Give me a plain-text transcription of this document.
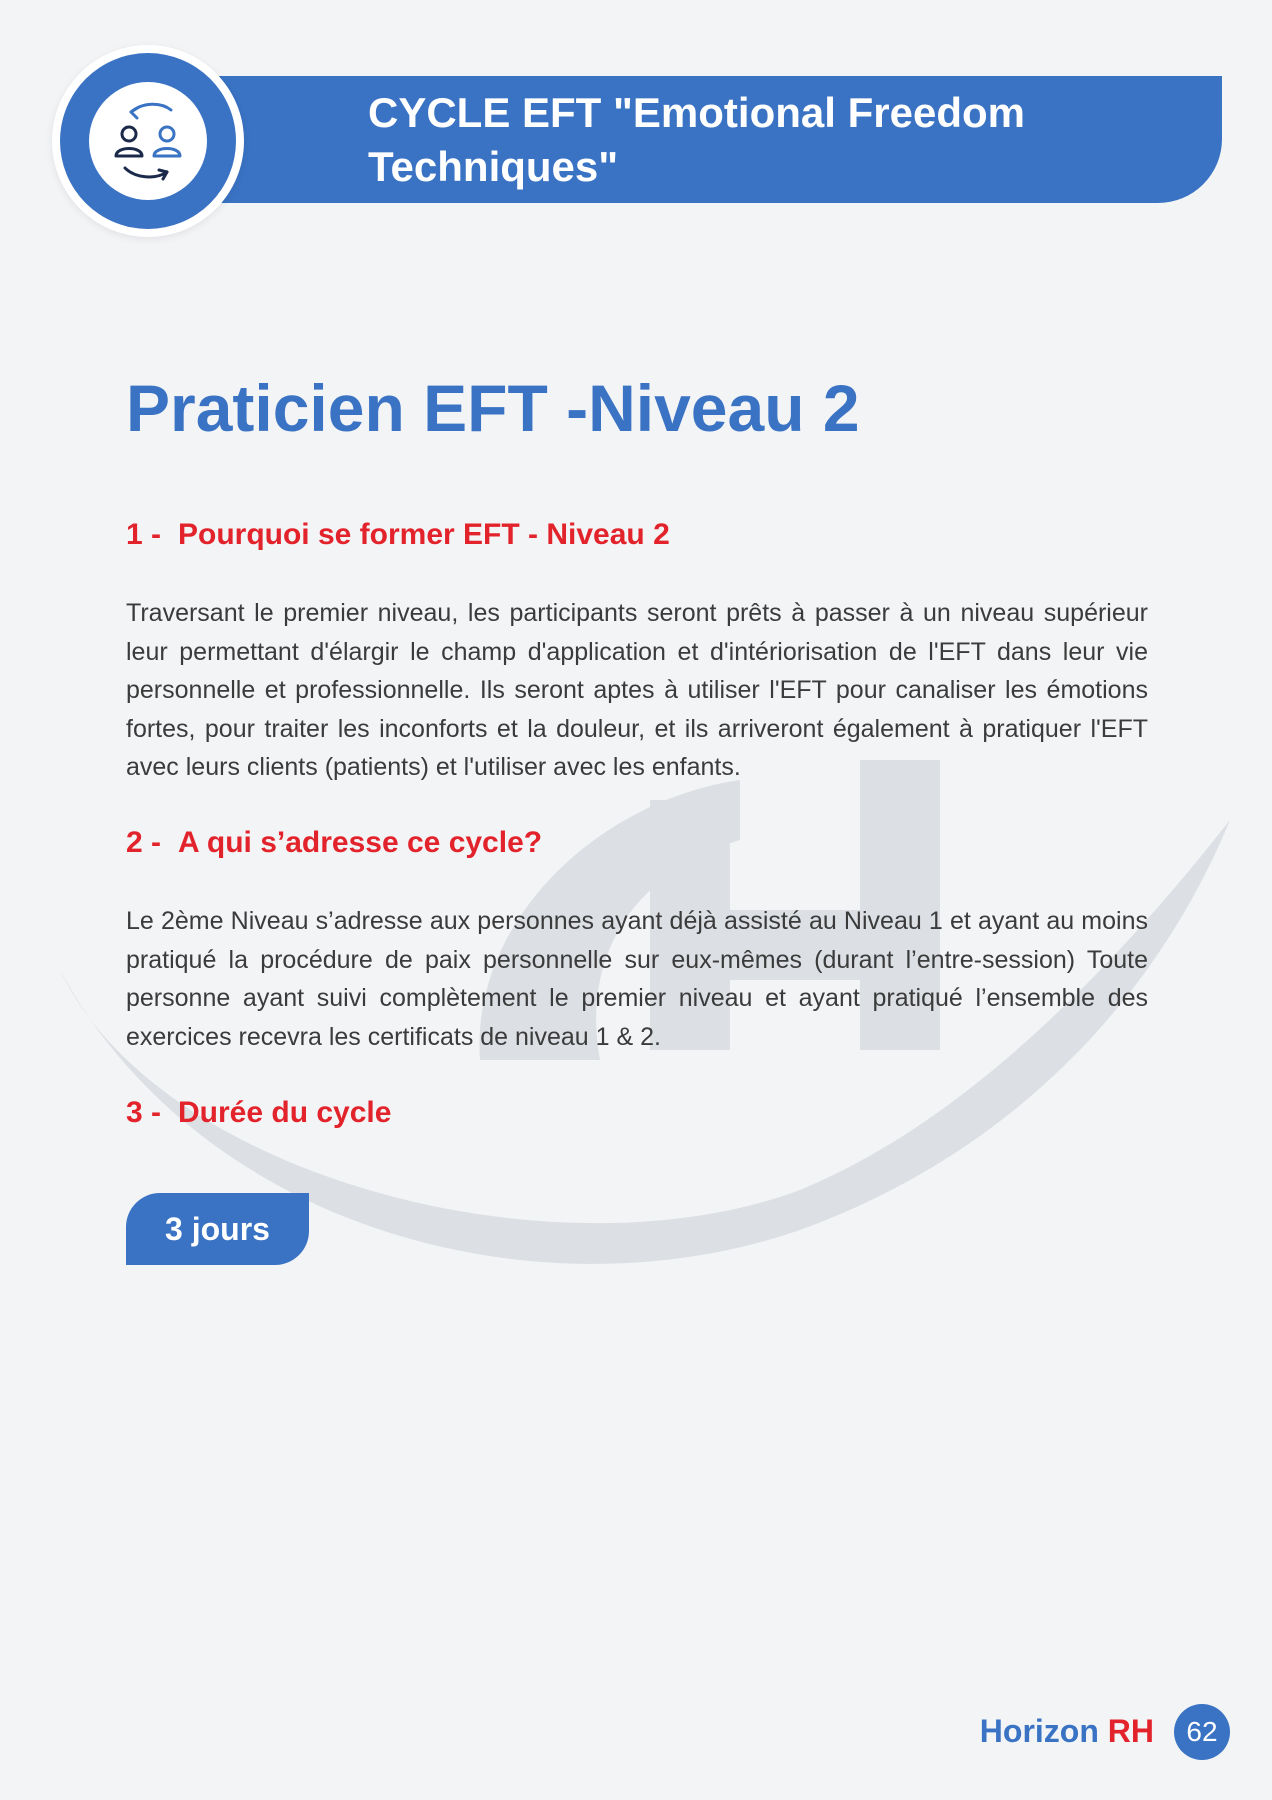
CYCLE EFT "Emotional Freedom Techniques"
Praticien EFT -Niveau 2
1 - Pourquoi se former EFT - Niveau 2

Traversant le premier niveau, les participants seront prêts à passer à un niveau supérieur leur permettant d'élargir le champ d'application et d'intériorisation de l'EFT dans leur vie personnelle et professionnelle. Ils seront aptes à utiliser l'EFT pour canaliser les émotions fortes, pour traiter les inconforts et la douleur, et ils arriveront également à pratiquer l'EFT avec leurs clients (patients) et l'utiliser avec les enfants.

2 - A qui s’adresse ce cycle?

Le 2ème Niveau s’adresse aux personnes ayant déjà assisté au Niveau 1 et ayant au moins pratiqué la procédure de paix personnelle sur eux-mêmes (durant l’entre-session) Toute personne ayant suivi complètement le premier niveau et ayant pratiqué l’ensemble des exercices recevra les certificats de niveau 1 & 2.

3 - Durée du cycle
3 jours
Horizon RH	62
